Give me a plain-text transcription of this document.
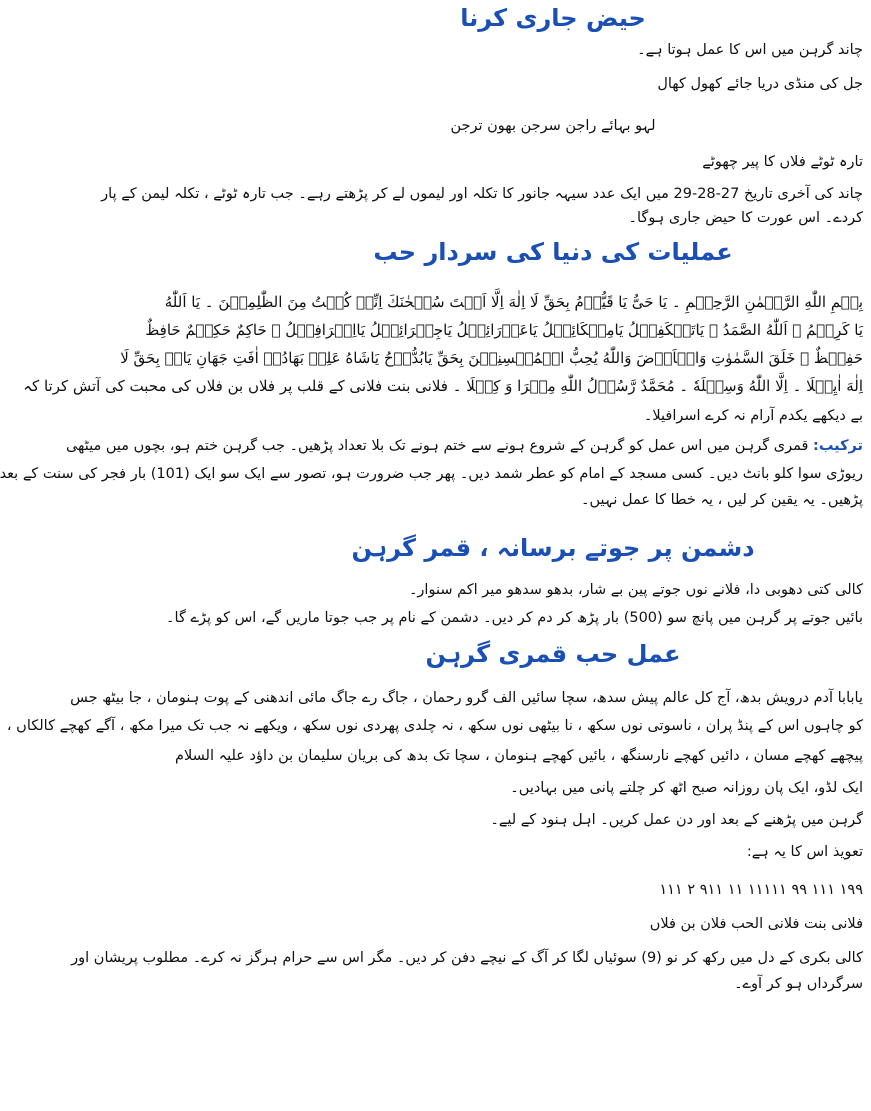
حیض جاری کرنا
چاند گرہن میں اس کا عمل ہوتا ہے۔
جل کی منڈی دریا جائے کھول کھال
لہو بہائے راجن سرجن بھون ترجن
تارہ ٹوٹے فلاں کا پیر چھوٹے
چاند کی آخری تاریخ 27-28-29 میں ایک عدد سیہہ جانور کا تکلہ اور لیموں لے کر پڑھتے رہے۔ جب تارہ ٹوٹے ، تکلہ لیمن کے پار
کردے۔ اس عورت کا حیض جاری ہوگا۔
عملیات کی دنیا کی سردار حب
بِسۡمِ اللّٰهِ الرَّحۡمٰنِ الرَّحِیۡمِ ۔ یَا حَیُّ یَا قَیُّوۡمُ بِحَقِّ لَا اِلٰهَ اِلَّا اَنۡتَ سُبۡحٰنَكَ اِنِّیۡ كُنۡتُ مِنَ الظّٰلِمِیۡنَ ۔ یَا اَللّٰهُ
یَا كَرِیۡمُ ۔ اَللّٰهُ الصَّمَدُ ۔ یَاتَنۡكَفِیۡلُ یَامِیۡكَائِیۡلُ یَاعَزۡرَائِیۡلُ یَاجِبۡرَائِیۡلُ یَااِسۡرَافِیۡلُ ۔ حَاكِمٌ حَكِیۡمٌ حَافِظٌ
حَفِیۡظٌ ۔ خَلَقَ السَّمٰوٰتِ وَالۡاَرۡضَ وَاللّٰهُ یُحِبُّ الۡمُحۡسِنِیۡنَ بِحَقِّ یَابُدُّوۡحُ یَاشَاهُ عَلِیۡ بَهَادُرۡ اٰفَتِ جَهَانِ یَارۡ بِحَقِّ لَا
اِلٰهَ اٰیِیۡلَا ۔ اِلَّا اللّٰهُ وَسِیۡلَهٗ ۔ مُحَمَّدٌ رَّسُوۡلُ اللّٰهِ مِیۡرَا وَ كِیۡلَا ۔ فلانی بنت فلانی کے قلب پر فلاں بن فلاں کی محبت کی آتش کرتا کہ
بے دیکھے یکدم آرام نہ کرے اسرافیلا۔
ترکیب: قمری گرہن میں اس عمل کو گرہن کے شروع ہونے سے ختم ہونے تک بلا تعداد پڑھیں۔ جب گرہن ختم ہو، بچوں میں میٹھی
ریوڑی سوا کلو بانٹ دیں۔ کسی مسجد کے امام کو عطر شمد دیں۔ پھر جب ضرورت ہو، تصور سے ایک سو ایک (101) بار فجر کی سنت کے بعد
پڑھیں۔ یہ یقین کر لیں ، یہ خطا کا عمل نہیں۔
دشمن پر جوتے برسانہ ، قمر گرہن
کالی کتی دھوبی دا، فلانے نوں جوتے پین بے شار، بدھو سدھو میر اکم سنوار۔
بائیں جوتے پر گرہن میں پانچ سو (500) بار پڑھ کر دم کر دیں۔ دشمن کے نام پر جب جوتا ماریں گے، اس کو پڑے گا۔
عمل حب قمری گرہن
یابابا آدم درویش بدھ، آج کل عالم پیش سدھ، سچا سائیں الف گرو رحمان ، جاگ رے جاگ مائی اندھنی کے پوت ہنومان ، جا بیٹھ جس
کو چاہوں اس کے پنڈ پران ، ناسوتی نوں سکھ ، نا بیٹھی نوں سکھ ، نہ چلدی پھردی نوں سکھ ، ویکھے نہ جب تک میرا مکھ ، آگے کھچے کالکاں ،
پیچھے کھچے مسان ، دائیں کھچے نارسنگھ ، بائیں کھچے ہنومان ، سچا تک بدھ کی بریان سلیمان بن داؤد علیہ السلام
ایک لڈو، ایک پان روزانہ صبح اٹھ کر چلتے پانی میں بہادیں۔
گرہن میں پڑھنے کے بعد اور دن عمل کریں۔ اہل ہنود کے لیے۔
تعویذ اس کا یہ ہے:
۱۹۹ ۱۱۱ ۹۹ ۱۱۱۱۱ ۱۱ ۹۱۱ ۲ ۱۱۱
فلانی بنت فلانی الحب فلان بن فلاں
کالی بکری کے دل میں رکھ کر نو (9) سوئیاں لگا کر آگ کے نیچے دفن کر دیں۔ مگر اس سے حرام ہرگز نہ کرے۔ مطلوب پریشان اور
سرگرداں ہو کر آوے۔
